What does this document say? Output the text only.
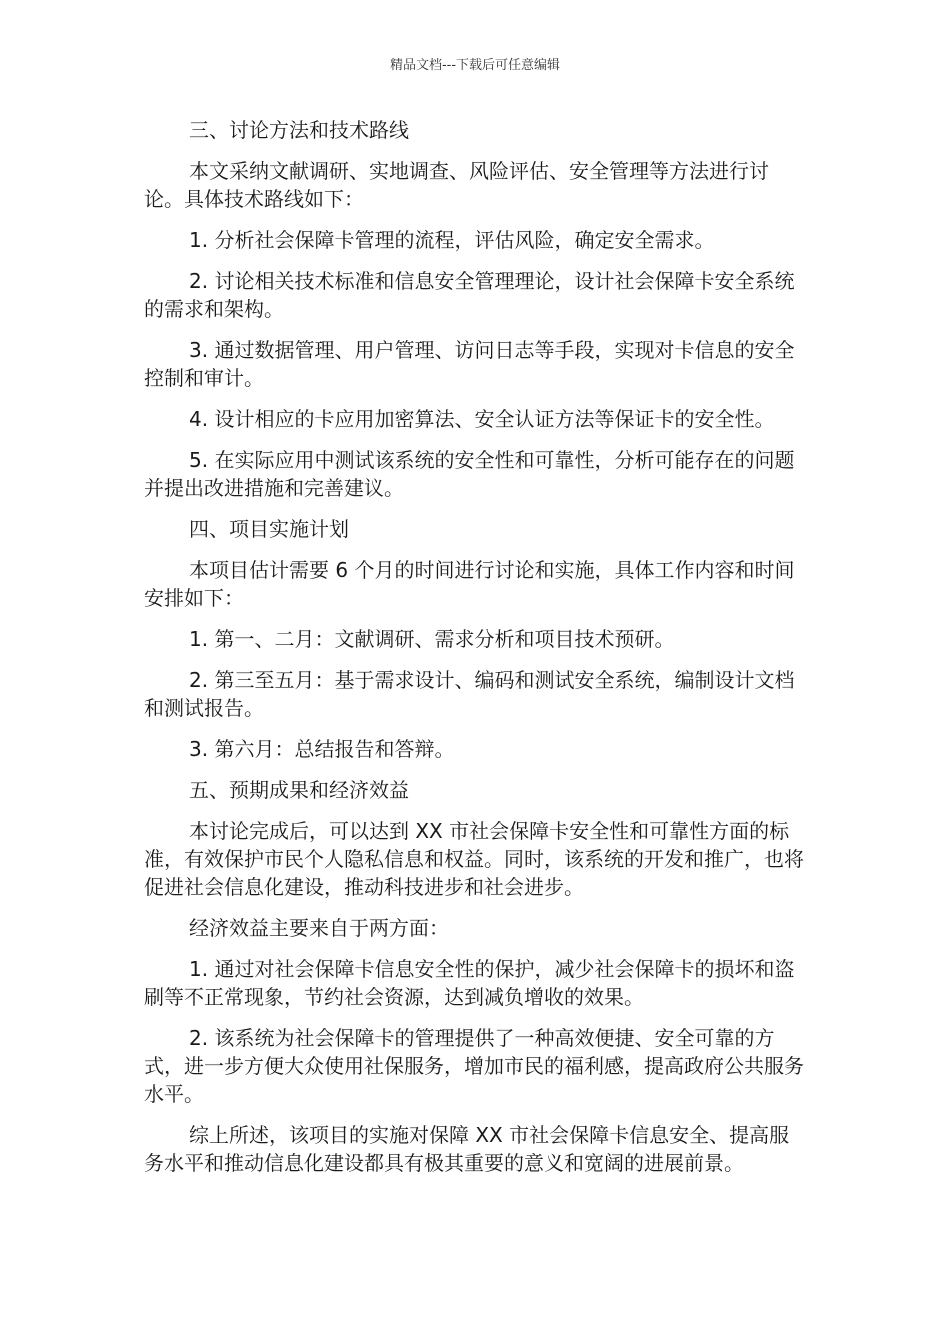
精品文档---下载后可任意编辑

三、讨论方法和技术路线

本文采纳文献调研、实地调查、风险评估、安全管理等方法进行讨论。具体技术路线如下：

1. 分析社会保障卡管理的流程，评估风险，确定安全需求。

2. 讨论相关技术标准和信息安全管理理论，设计社会保障卡安全系统的需求和架构。

3. 通过数据管理、用户管理、访问日志等手段，实现对卡信息的安全控制和审计。

4. 设计相应的卡应用加密算法、安全认证方法等保证卡的安全性。

5. 在实际应用中测试该系统的安全性和可靠性，分析可能存在的问题并提出改进措施和完善建议。

四、项目实施计划

本项目估计需要 6 个月的时间进行讨论和实施，具体工作内容和时间安排如下：

1. 第一、二月：文献调研、需求分析和项目技术预研。

2. 第三至五月：基于需求设计、编码和测试安全系统，编制设计文档和测试报告。

3. 第六月：总结报告和答辩。

五、预期成果和经济效益

本讨论完成后，可以达到 XX 市社会保障卡安全性和可靠性方面的标准，有效保护市民个人隐私信息和权益。同时，该系统的开发和推广，也将促进社会信息化建设，推动科技进步和社会进步。

经济效益主要来自于两方面：

1. 通过对社会保障卡信息安全性的保护，减少社会保障卡的损坏和盗刷等不正常现象，节约社会资源，达到减负增收的效果。

2. 该系统为社会保障卡的管理提供了一种高效便捷、安全可靠的方式，进一步方便大众使用社保服务，增加市民的福利感，提高政府公共服务水平。

综上所述，该项目的实施对保障 XX 市社会保障卡信息安全、提高服务水平和推动信息化建设都具有极其重要的意义和宽阔的进展前景。
